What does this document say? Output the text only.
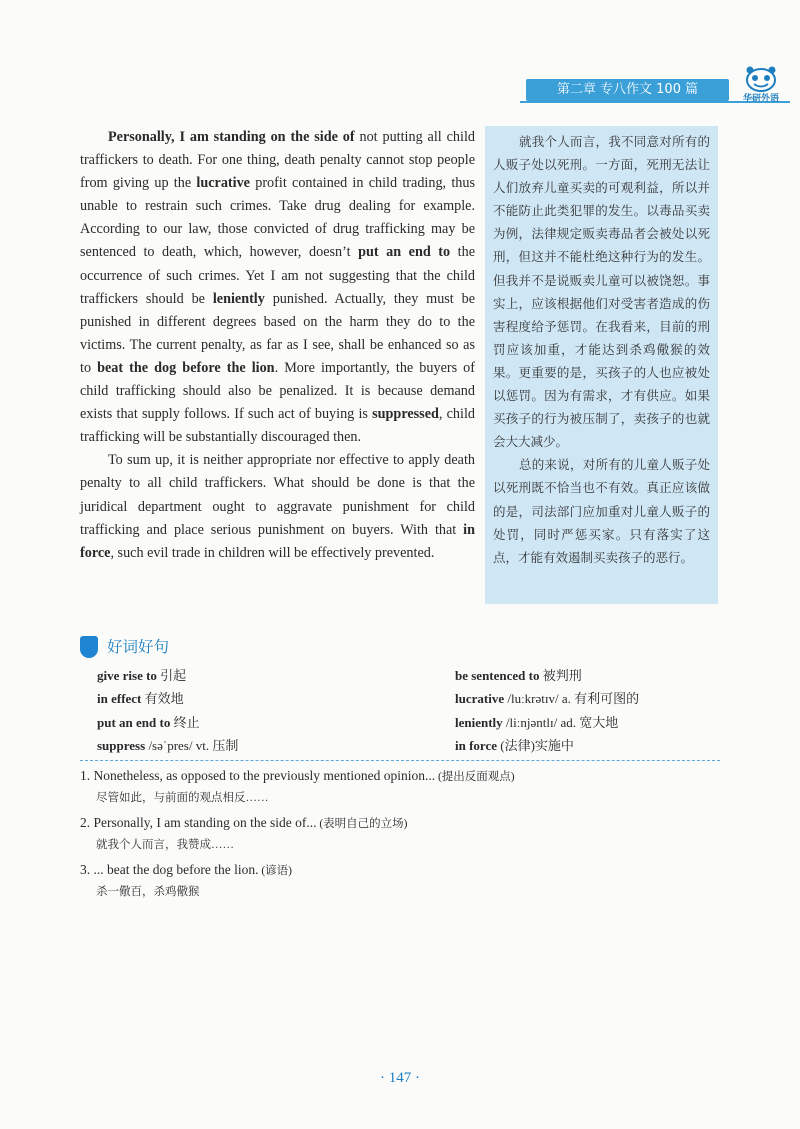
第二章 专八作文 100 篇
华研外语

Personally, I am standing on the side of not putting all child traffickers to death. For one thing, death penalty cannot stop people from giving up the lucrative profit contained in child trading, thus unable to restrain such crimes. Take drug dealing for example. According to our law, those convicted of drug trafficking may be sentenced to death, which, however, doesn’t put an end to the occurrence of such crimes. Yet I am not suggesting that the child traffickers should be leniently punished. Actually, they must be punished in different degrees based on the harm they do to the victims. The current penalty, as far as I see, shall be enhanced so as to beat the dog before the lion. More importantly, the buyers of child trafficking should also be penalized. It is because demand exists that supply follows. If such act of buying is suppressed, child trafficking will be substantially discouraged then.

To sum up, it is neither appropriate nor effective to apply death penalty to all child traffickers. What should be done is that the juridical department ought to aggravate punishment for child trafficking and place serious punishment on buyers. With that in force, such evil trade in children will be effectively prevented.

就我个人而言，我不同意对所有的人贩子处以死刑。一方面，死刑无法让人们放弃儿童买卖的可观利益，所以并不能防止此类犯罪的发生。以毒品买卖为例，法律规定贩卖毒品者会被处以死刑，但这并不能杜绝这种行为的发生。但我并不是说贩卖儿童可以被饶恕。事实上，应该根据他们对受害者造成的伤害程度给予惩罚。在我看来，目前的刑罚应该加重，才能达到杀鸡儆猴的效果。更重要的是，买孩子的人也应被处以惩罚。因为有需求，才有供应。如果买孩子的行为被压制了，卖孩子的也就会大大减少。

总的来说，对所有的儿童人贩子处以死刑既不恰当也不有效。真正应该做的是，司法部门应加重对儿童人贩子的处罚，同时严惩买家。只有落实了这点，才能有效遏制买卖孩子的恶行。

好词好句
give rise to 引起
in effect 有效地
put an end to 终止
suppress /səˈpres/ vt. 压制
be sentenced to 被判刑
lucrative /luːkrətɪv/ a. 有利可图的
leniently /liːnjəntlɪ/ ad. 宽大地
in force (法律)实施中
1. Nonetheless, as opposed to the previously mentioned opinion... (提出反面观点)
尽管如此，与前面的观点相反……
2. Personally, I am standing on the side of... (表明自己的立场)
就我个人而言，我赞成……
3. ... beat the dog before the lion. (谚语)
杀一儆百，杀鸡儆猴
· 147 ·
